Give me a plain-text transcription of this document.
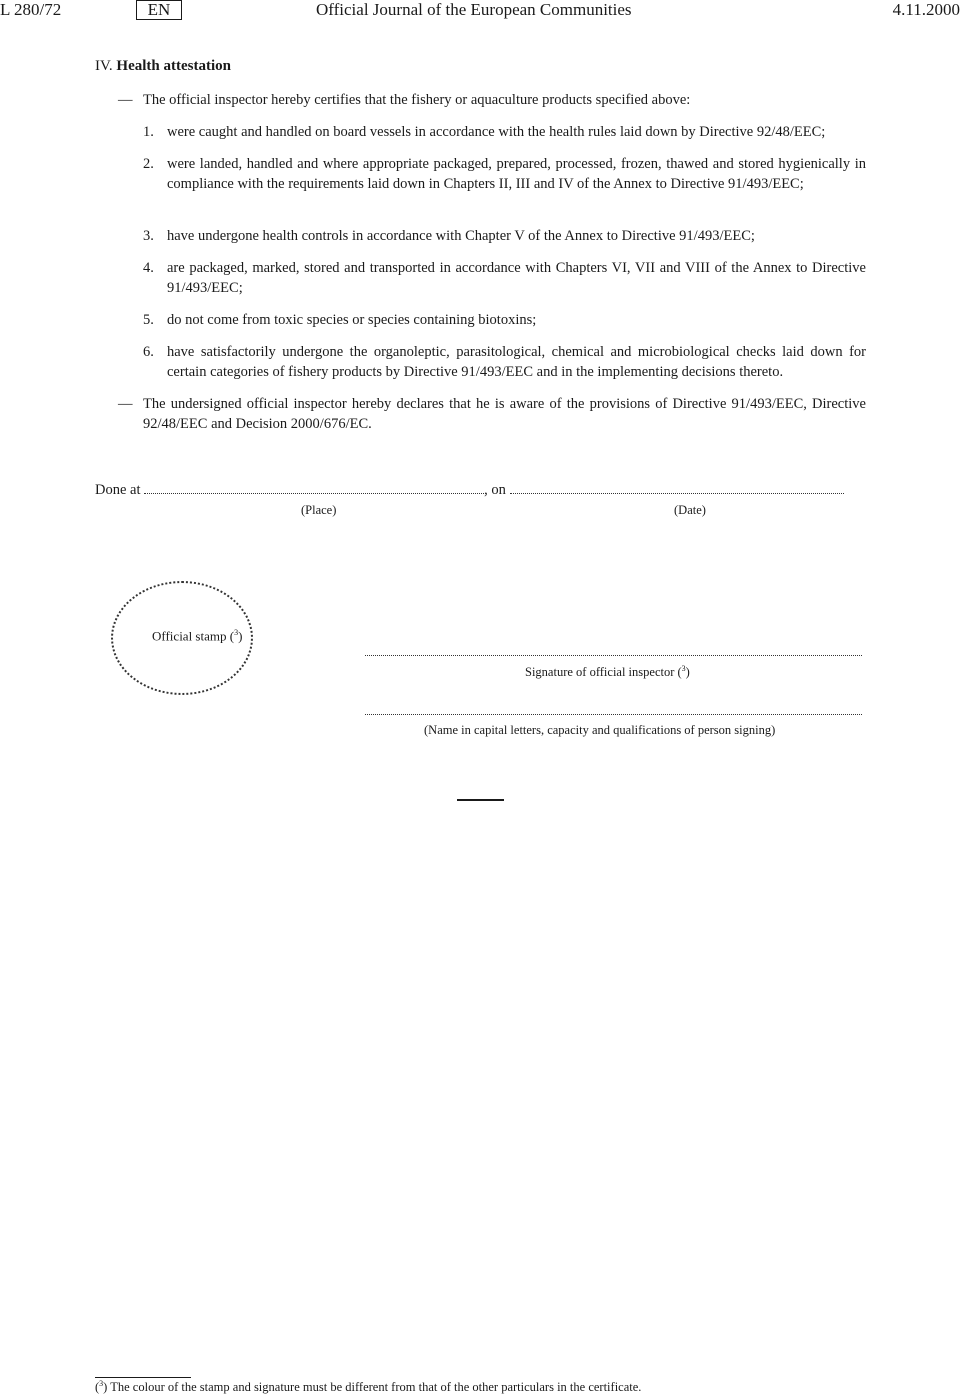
L 280/72	EN	Official Journal of the European Communities	4.11.2000
IV. Health attestation
— The official inspector hereby certifies that the fishery or aquaculture products specified above:
1. were caught and handled on board vessels in accordance with the health rules laid down by Directive 92/48/EEC;
2. were landed, handled and where appropriate packaged, prepared, processed, frozen, thawed and stored hygienically in compliance with the requirements laid down in Chapters II, III and IV of the Annex to Directive 91/493/EEC;
3. have undergone health controls in accordance with Chapter V of the Annex to Directive 91/493/EEC;
4. are packaged, marked, stored and transported in accordance with Chapters VI, VII and VIII of the Annex to Directive 91/493/EEC;
5. do not come from toxic species or species containing biotoxins;
6. have satisfactorily undergone the organoleptic, parasitological, chemical and microbiological checks laid down for certain categories of fishery products by Directive 91/493/EEC and in the implementing decisions thereto.
— The undersigned official inspector hereby declares that he is aware of the provisions of Directive 91/493/EEC, Directive 92/48/EEC and Decision 2000/676/EC.
Done at	, on
(Place)	(Date)
Official stamp ($^3$)
Signature of official inspector ($^3$)
(Name in capital letters, capacity and qualifications of person signing)
($^3$) The colour of the stamp and signature must be different from that of the other particulars in the certificate.
